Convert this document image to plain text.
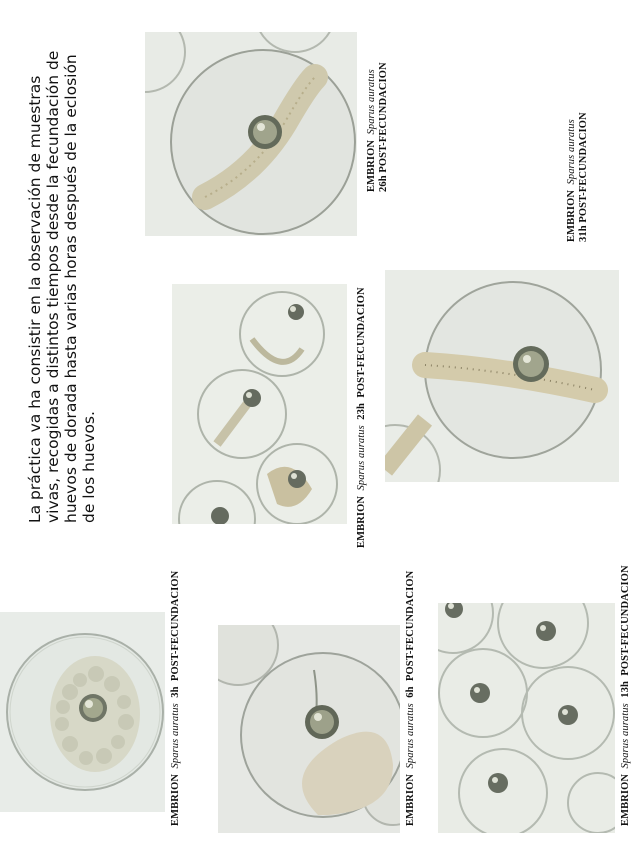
La práctica va ha consistir en la observación de muestras vivas, recogidas a distintos tiempos desde la fecundación de huevos de dorada hasta varias horas después de la eclosión de los huevos.
EMBRION  Sparus auratus  3h  POST-FECUNDACION
EMBRION  Sparus auratus  6h  POST-FECUNDACION
EMBRION  Sparus auratus  13h  POST-FECUNDACION
EMBRION  Sparus auratus  23h  POST-FECUNDACION
EMBRION  Sparus auratus
26h POST-FECUNDACION
EMBRION  Sparus auratus
31h POST-FECUNDACION
